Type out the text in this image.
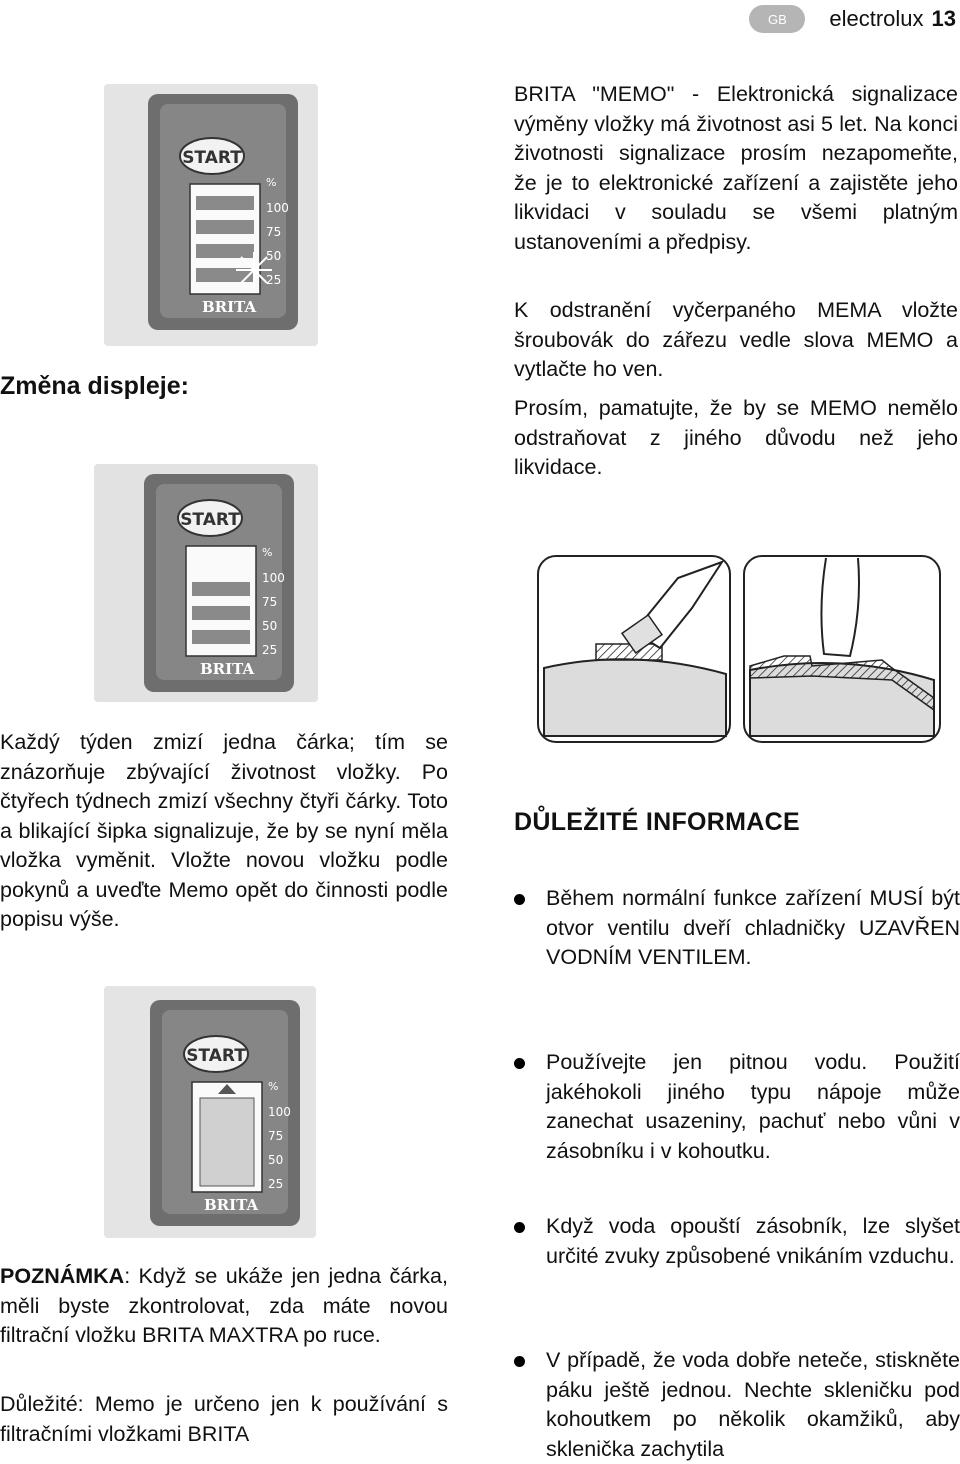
GB	electrolux 13
START
%
100
75
50
25
BRITA
START
%
100
75
50
25
BRITA
START
%
100
75
50
25
BRITA

BRITA "MEMO" - Elektronická signalizace výměny vložky má životnost asi 5 let. Na konci životnosti signalizace prosím nezapomeňte, že je to elektronické zařízení a zajistěte jeho likvidaci v souladu se všemi platným ustanoveními a předpisy.

K odstranění vyčerpaného MEMA vložte šroubovák do zářezu vedle slova MEMO a vytlačte ho ven.

Prosím, pamatujte, že by se MEMO nemělo odstraňovat z jiného důvodu než jeho likvidace.

Změna displeje:

Každý týden zmizí jedna čárka; tím se znázorňuje zbývající životnost vložky. Po čtyřech týdnech zmizí všechny čtyři čárky. Toto a blikající šipka signalizuje, že by se nyní měla vložka vyměnit. Vložte novou vložku podle pokynů a uveďte Memo opět do činnosti podle popisu výše.

POZNÁMKA: Když se ukáže jen jedna čárka, měli byste zkontrolovat, zda máte novou filtrační vložku BRITA MAXTRA po ruce.

Důležité: Memo je určeno jen k používání s filtračními vložkami BRITA

DŮLEŽITÉ INFORMACE

Během normální funkce zařízení MUSÍ být otvor ventilu dveří chladničky UZAVŘEN VODNÍM VENTILEM.

Používejte jen pitnou vodu. Použití jakéhokoli jiného typu nápoje může zanechat usazeniny, pachuť nebo vůni v zásobníku i v kohoutku.

Když voda opouští zásobník, lze slyšet určité zvuky způsobené vnikáním vzduchu.

V případě, že voda dobře neteče, stiskněte páku ještě jednou. Nechte skleničku pod kohoutkem po několik okamžiků, aby sklenička zachytila
